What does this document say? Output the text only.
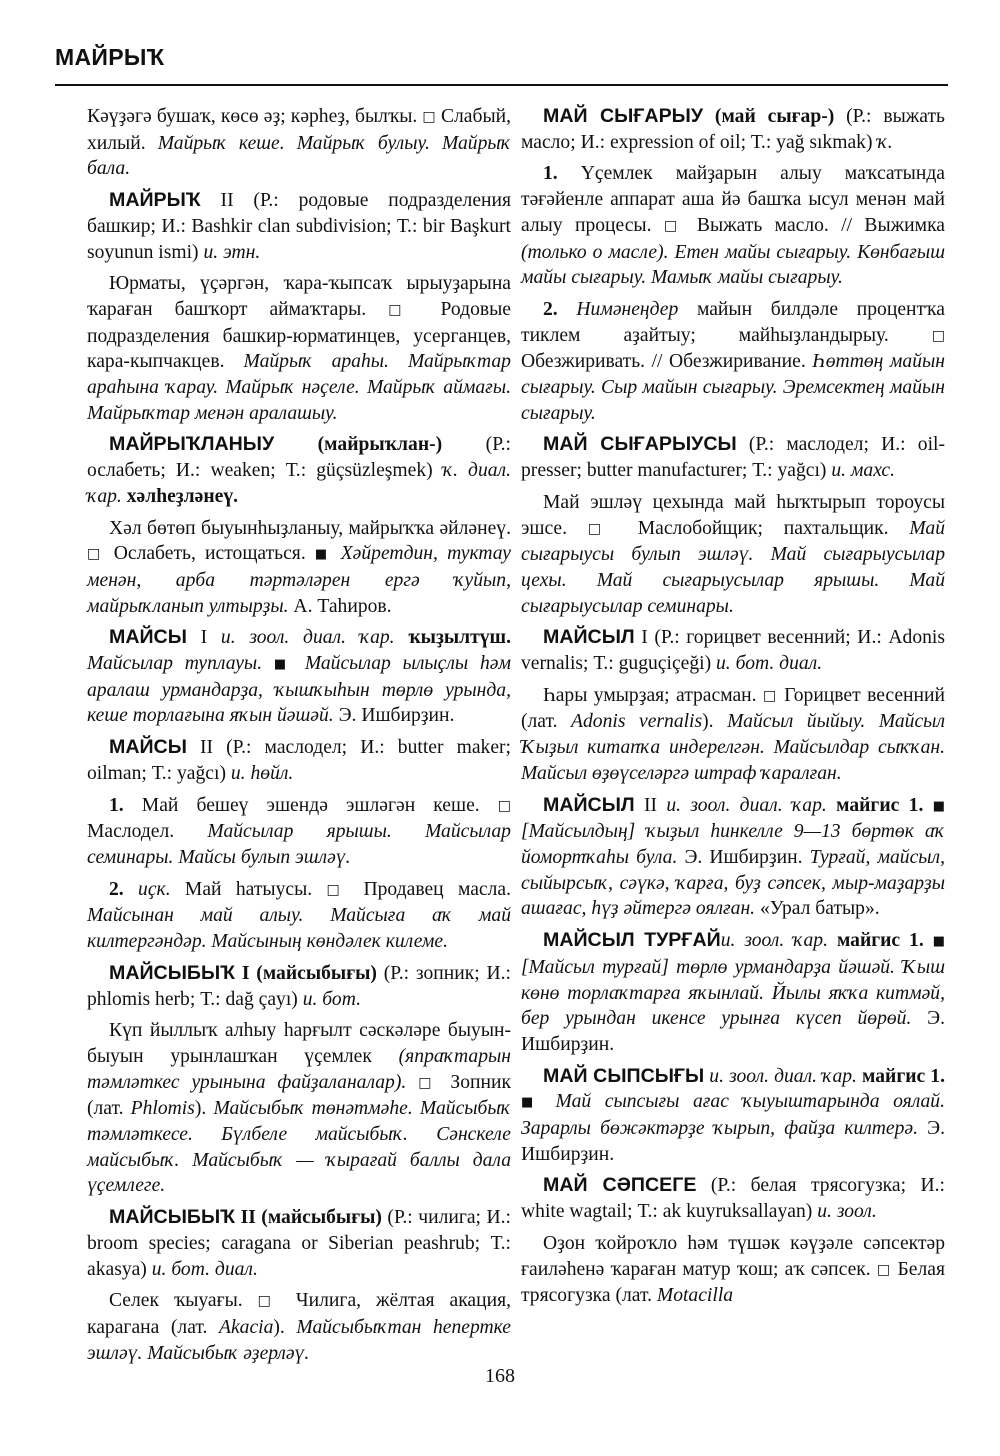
МАЙРЫҠ

Кәүҙәгә бушаҡ, көсө әҙ; кәрһеҙ, былҡы. □ Слабый, хилый. Майрыҡ кеше. Майрыҡ булыу. Майрыҡ бала.

МАЙРЫҠ II (Р.: родовые подразделения башкир; И.: Bashkir clan subdivision; Т.: bir Başkurt soyunun ismi) и. этн.

Юрматы, үҫәргән, ҡара-ҡыпсаҡ ырыуҙарына ҡараған башҡорт аймаҡтары. □ Родовые подразделения башкир-юрматинцев, усерганцев, кара-кыпчакцев. Майрыҡ араһы. Майрыҡтар араһына ҡарау. Майрыҡ нәҫеле. Майрыҡ аймағы. Майрыҡтар менән аралашыу.

МАЙРЫҠЛАНЫУ (майрыҡлан-) (Р.: ослабеть; И.: weaken; Т.: güçsüzleşmek) ҡ. диал. ҡар. хәлһеҙләнеү.

Хәл бөтөп быуынһыҙланыу, майрыҡҡа әйләнеү. □ Ослабеть, истощаться. ■ Хәйретдин, туктау менән, арба тәртәләрен ергә ҡуйып, майрыҡланып ултырҙы. А. Таһиров.

МАЙСЫ I и. зоол. диал. ҡар. ҡыҙылтүш. Майсылар туплауы. ■ Майсылар ылыҫлы һәм аралаш урмандарҙа, ҡышҡыһын төрлө урында, кеше торлағына яҡын йәшәй. Э. Ишбирҙин.

МАЙСЫ II (Р.: маслодел; И.: butter maker; oilman; Т.: yağcı) и. һөйл.

1. Май бешеү эшендә эшләгән кеше. □ Маслодел. Майсылар ярышы. Майсылар семинары. Майсы булып эшләү.

2. иҫк. Май һатыусы. □ Продавец масла. Майсынан май алыу. Майсыға аҡ май килтергәндәр. Майсының көндәлек килеме.

МАЙСЫБЫҠ I (майсыбығы) (Р.: зопник; И.: phlomis herb; Т.: dağ çayı) и. бот.

Күп йыллыҡ алһыу һарғылт сәскәләре быуын-быуын урынлашҡан үҫемлек (япраҡтарын тәмләткес урынына файҙаланалар). □ Зопник (лат. Phlomis). Майсыбыҡ төнәтмәһе. Майсыбыҡ тәмләткесе. Бүлбеле майсыбыҡ. Сәнскеле майсыбыҡ. Майсыбыҡ — ҡырағай баллы дала үҫемлеге.

МАЙСЫБЫҠ II (майсыбығы) (Р.: чилига; И.: broom species; caragana or Siberian peashrub; Т.: akasya) и. бот. диал.

Селек ҡыуағы. □ Чилига, жёлтая акация, карагана (лат. Akacia). Майсыбыҡтан һепертке эшләү. Майсыбыҡ әҙерләү.

МАЙ СЫҒАРЫУ (май сығар-) (Р.: выжать масло; И.: expression of oil; Т.: yağ sıkmak) ҡ.

1. Үҫемлек майҙарын алыу маҡсатында тәғәйенле аппарат аша йә башҡа ысул менән май алыу процесы. □ Выжать масло. // Выжимка (только о масле). Етен майы сығарыу. Көнбағыш майы сығарыу. Мамыҡ майы сығарыу.

2. Нимәнеңдер майын билдәле процентҡа тиклем аҙайтыу; майһыҙландырыу. □ Обезжиривать. // Обезжиривание. Һөттөң майын сығарыу. Сыр майын сығарыу. Эремсектең майын сығарыу.

МАЙ СЫҒАРЫУСЫ (Р.: маслодел; И.: oil-presser; butter manufacturer; Т.: yağcı) и. махс.

Май эшләү цехында май һыҡтырып тороусы эшсе. □ Маслобойщик; пахтальщик. Май сығарыусы булып эшләү. Май сығарыусылар цехы. Май сығарыусылар ярышы. Май сығарыусылар семинары.

МАЙСЫЛ I (Р.: горицвет весенний; И.: Adonis vernalis; Т.: guguçiçeği) и. бот. диал.

Һары умырҙая; атрасман. □ Горицвет весенний (лат. Adonis vernalis). Майсыл йыйыу. Майсыл Ҡыҙыл китапҡа индерелгән. Майсылдар сыҡҡан. Майсыл өҙөүселәргә штраф ҡаралған.

МАЙСЫЛ II и. зоол. диал. ҡар. майгис 1. ■ [Майсылдың] ҡыҙыл һинкелле 9—13 бөртөк аҡ йомортҡаһы була. Э. Ишбирҙин. Турғай, майсыл, сыйырсыҡ, сәүкә, ҡарға, буҙ сәпсек, мыр-маҙарҙы ашағас, һүҙ әйтергә оялған. «Урал батыр».

МАЙСЫЛ ТУРҒАЙи. зоол. ҡар. майгис 1. ■ [Майсыл турғай] төрлө урмандарҙа йәшәй. Ҡыш көнө торлаҡтарға яҡынлай. Йылы яҡҡа китмәй, бер урындан икенсе урынға күсеп йөрөй. Э. Ишбирҙин.

МАЙ СЫПСЫҒЫ и. зоол. диал. ҡар. майгис 1. ■ Май сыпсығы ағас ҡыуыштарында оялай. Зарарлы бөжәктәрҙе ҡырып, файҙа килтерә. Э. Ишбирҙин.

МАЙ СӘПСЕГЕ (Р.: белая трясогузка; И.: white wagtail; Т.: ak kuyruksallayan) и. зоол.

Оҙон ҡойроҡло һәм түшәк кәүҙәле сәпсектәр ғаиләһенә ҡараған матур ҡош; аҡ сәпсек. □ Белая трясогузка (лат. Motacilla

168
